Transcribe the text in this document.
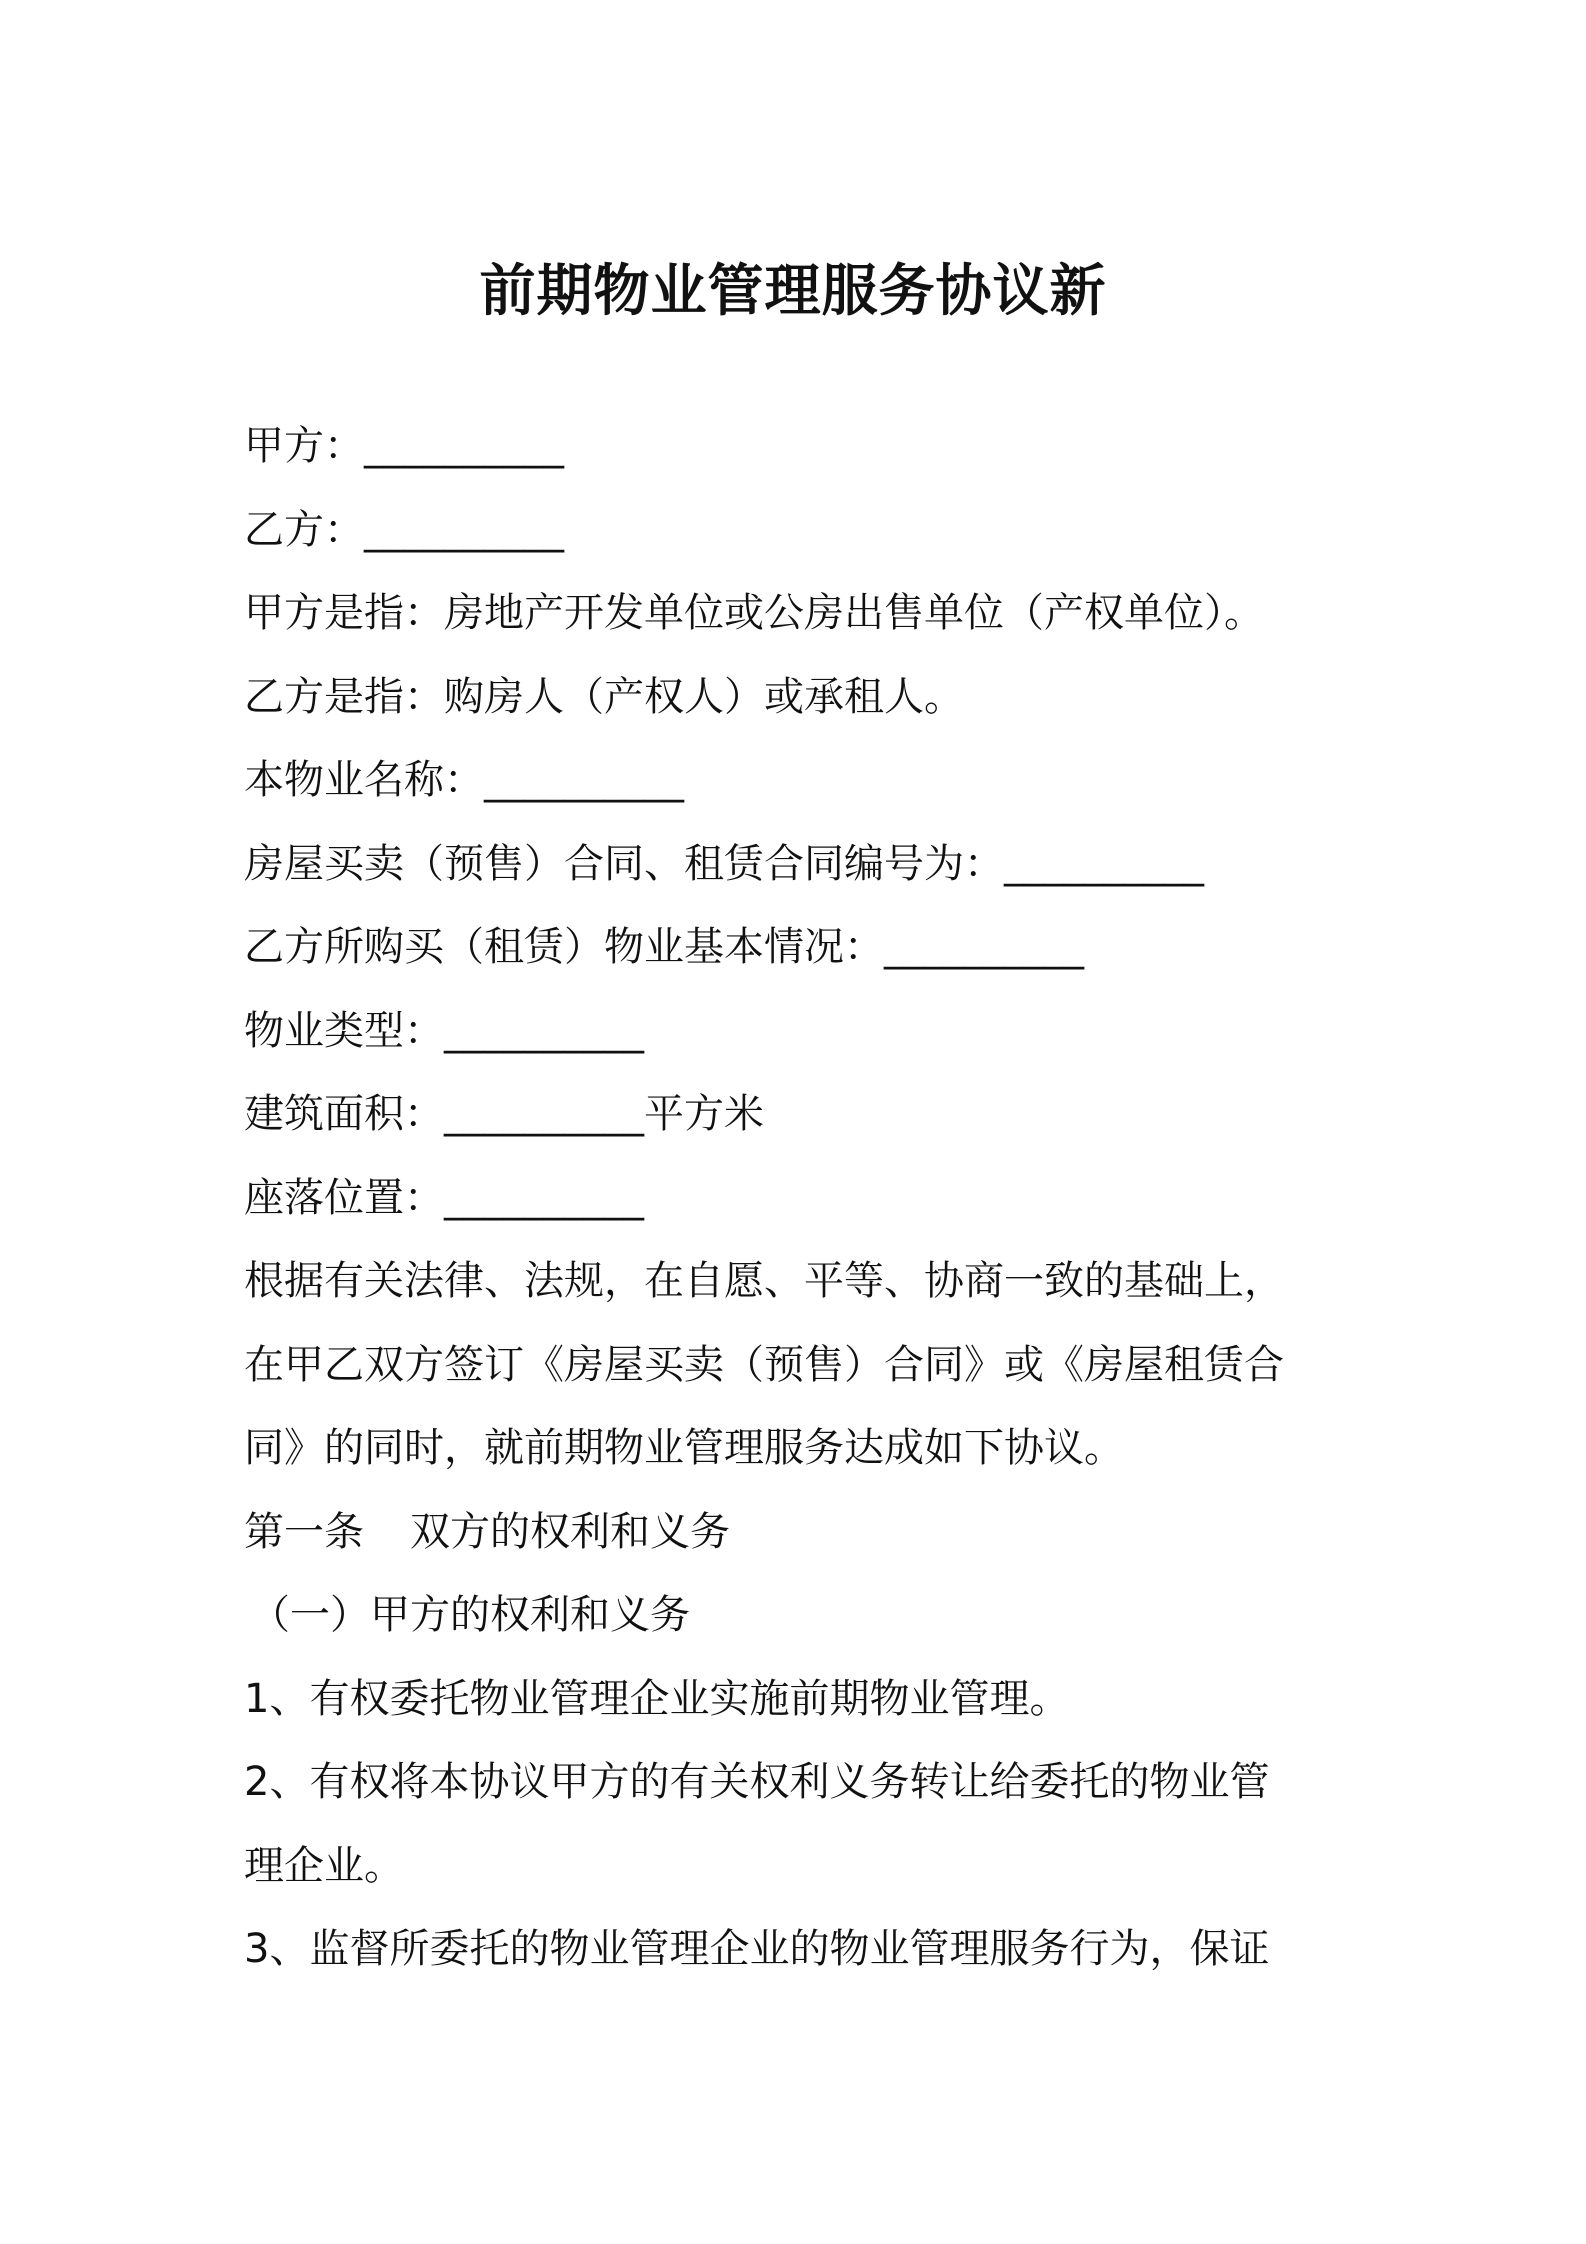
前期物业管理服务协议新

甲方：__________

乙方：__________

甲方是指：房地产开发单位或公房出售单位（产权单位）。

乙方是指：购房人（产权人）或承租人。

本物业名称：__________

房屋买卖（预售）合同、租赁合同编号为：__________

乙方所购买（租赁）物业基本情况：__________

物业类型：__________

建筑面积：__________平方米

座落位置：__________

根据有关法律、法规，在自愿、平等、协商一致的基础上，

在甲乙双方签订《房屋买卖（预售）合同》或《房屋租赁合

同》的同时，就前期物业管理服务达成如下协议。

第一条 双方的权利和义务

（一）甲方的权利和义务

1、有权委托物业管理企业实施前期物业管理。

2、有权将本协议甲方的有关权利义务转让给委托的物业管

理企业。

3、监督所委托的物业管理企业的物业管理服务行为，保证
